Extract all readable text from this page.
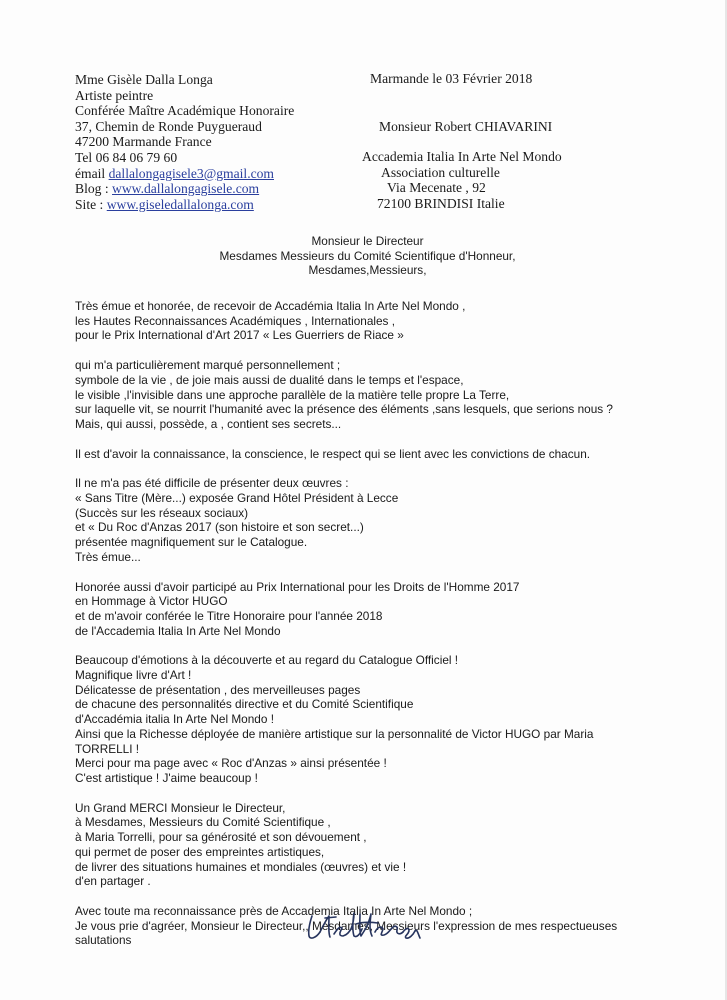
Mme Gisèle Dalla Longa
Artiste peintre
Conférée Maître Académique Honoraire
37, Chemin de Ronde Puygueraud
47200 Marmande France
Tel 06 84 06 79 60
émail dallalongagisele3@gmail.com
Blog : www.dallalongagisele.com
Site : www.giseledallalonga.com
Marmande le 03 Février 2018
Monsieur Robert CHIAVARINI
Accademia Italia In Arte Nel Mondo
Association culturelle
Via Mecenate , 92
72100 BRINDISI Italie
Monsieur le Directeur
Mesdames Messieurs du Comité Scientifique d'Honneur,
Mesdames,Messieurs,
Très émue et honorée, de recevoir de Accadémia Italia In Arte Nel Mondo ,
les Hautes Reconnaissances Académiques , Internationales ,
pour le Prix International d'Art 2017 « Les Guerriers de Riace »
qui m'a particulièrement marqué personnellement ;
symbole de la vie , de joie mais aussi de dualité dans le temps et l'espace,
le visible ,l'invisible dans une approche parallèle de la matière telle propre La Terre,
sur laquelle vit, se nourrit l'humanité avec la présence des éléments ,sans lesquels, que serions nous ?
Mais, qui aussi, possède, a , contient ses secrets...
Il est d'avoir la connaissance, la conscience, le respect qui se lient avec les convictions de chacun.
Il ne m'a pas été difficile de présenter deux œuvres :
« Sans Titre (Mère...) exposée Grand Hôtel Président à Lecce
(Succès sur les réseaux sociaux)
et « Du Roc d'Anzas 2017 (son histoire et son secret...)
présentée magnifiquement sur le Catalogue.
Très émue...
Honorée aussi d'avoir participé au Prix International pour les Droits de l'Homme 2017
en Hommage à Victor HUGO
et de m'avoir conférée le Titre Honoraire pour l'année 2018
de l'Accademia Italia In Arte Nel Mondo
Beaucoup d'émotions à la découverte et au regard du Catalogue Officiel !
Magnifique livre d'Art !
Délicatesse de présentation , des merveilleuses pages
de chacune des personnalités directive et du Comité Scientifique
d'Accadémia italia In Arte Nel Mondo !
Ainsi que la Richesse déployée de manière artistique sur la personnalité de Victor HUGO par Maria
TORRELLI !
Merci pour ma page avec « Roc d'Anzas » ainsi présentée !
C'est artistique ! J'aime beaucoup !
Un Grand MERCI Monsieur le Directeur,
à Mesdames, Messieurs du Comité Scientifique ,
à Maria Torrelli, pour sa générosité et son dévouement ,
qui permet de poser des empreintes artistiques,
de livrer des situations humaines et mondiales (œuvres) et vie !
d'en partager .
Avec toute ma reconnaissance près de Accademia Italia In Arte Nel Mondo ;
Je vous prie d'agréer, Monsieur le Directeur,, Mesdames, Messieurs l'expression de mes respectueuses
salutations
